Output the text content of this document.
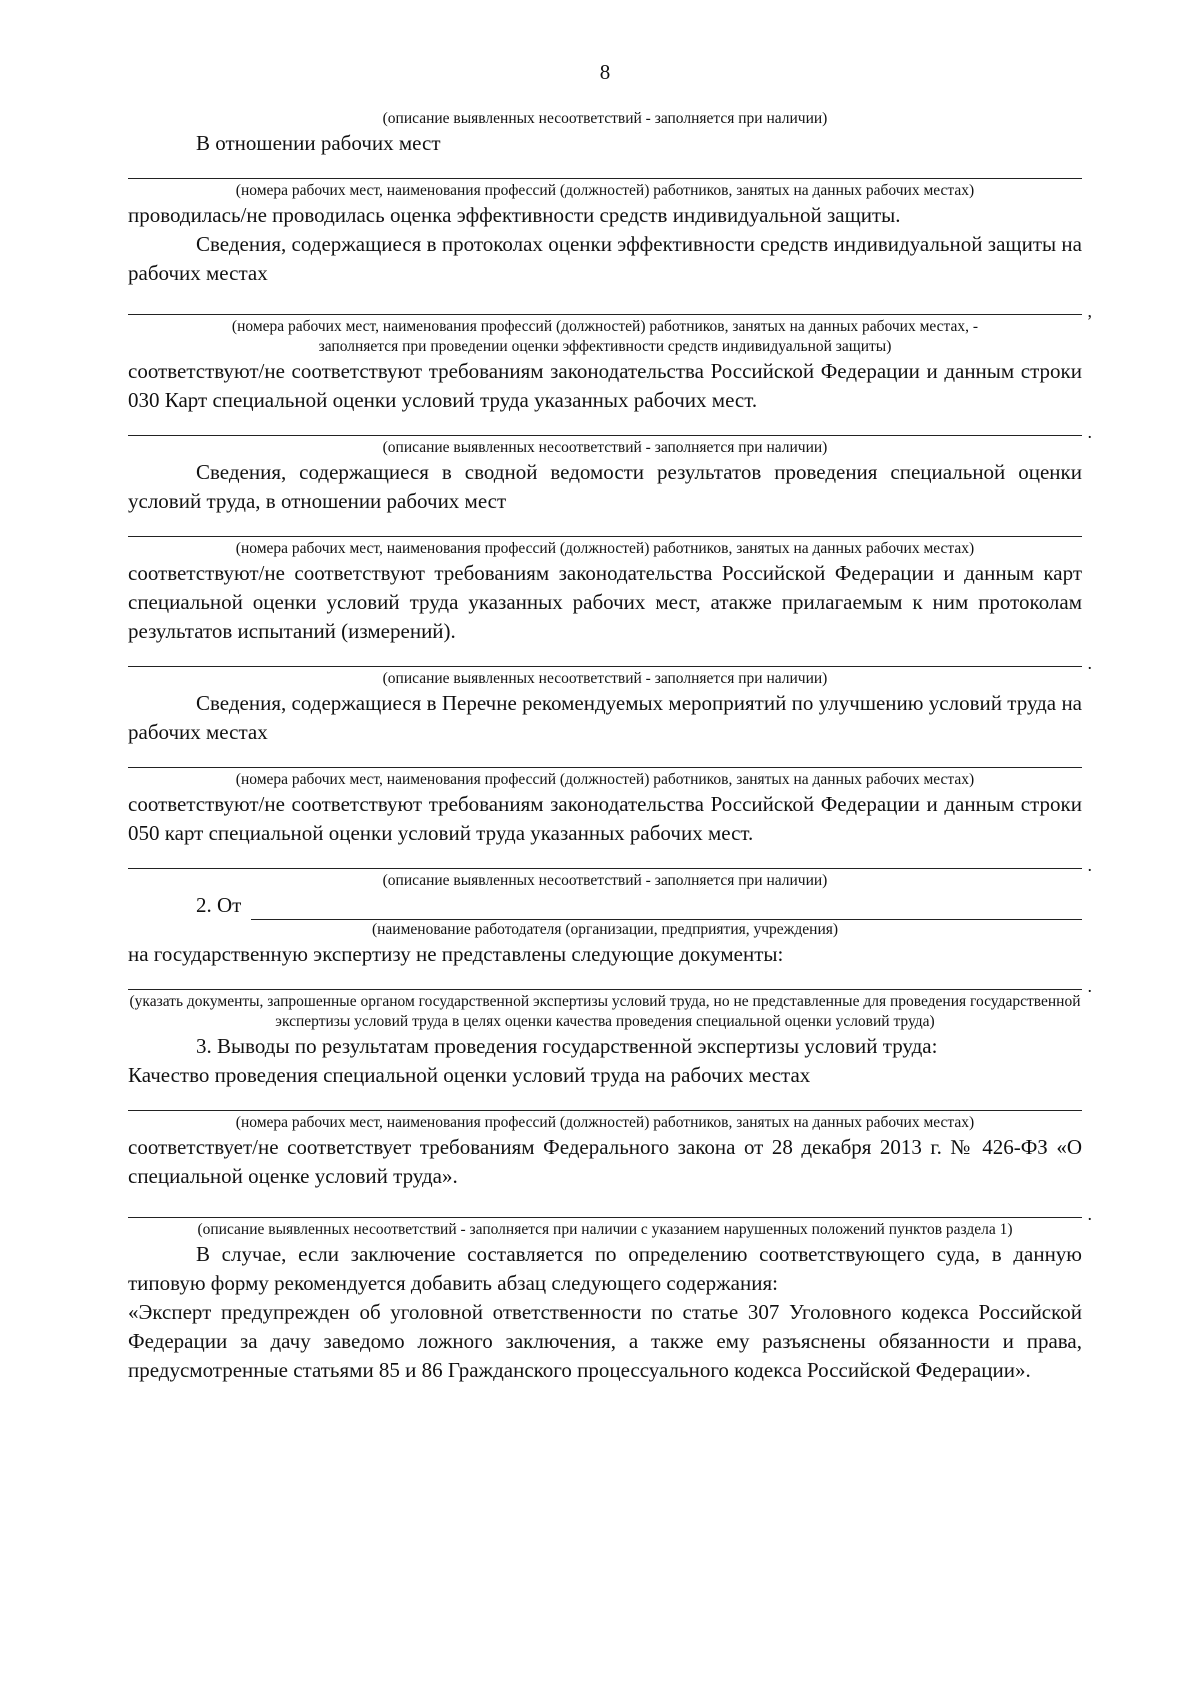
8
(описание выявленных несоответствий - заполняется при наличии)
В отношении рабочих мест
(номера рабочих мест, наименования профессий (должностей) работников, занятых на данных рабочих местах)
проводилась/не проводилась оценка эффективности средств индивидуальной защиты.
Сведения, содержащиеся в протоколах оценки эффективности средств индивидуальной защиты на рабочих местах
,
(номера рабочих мест, наименования профессий (должностей) работников, занятых на данных рабочих местах, -
заполняется при проведении оценки эффективности средств индивидуальной защиты)
соответствуют/не соответствуют требованиям законодательства Российской Федерации и данным строки 030 Карт специальной оценки условий труда указанных рабочих мест.
.
(описание выявленных несоответствий - заполняется при наличии)
Сведения, содержащиеся в сводной ведомости результатов проведения специальной оценки условий труда, в отношении рабочих мест
(номера рабочих мест, наименования профессий (должностей) работников, занятых на данных рабочих местах)
соответствуют/не соответствуют требованиям законодательства Российской Федерации и данным карт специальной оценки условий труда указанных рабочих мест, атакже прилагаемым к ним протоколам результатов испытаний (измерений).
.
(описание выявленных несоответствий - заполняется при наличии)
Сведения, содержащиеся в Перечне рекомендуемых мероприятий по улучшению условий труда на рабочих местах
(номера рабочих мест, наименования профессий (должностей) работников, занятых на данных рабочих местах)
соответствуют/не соответствуют требованиям законодательства Российской Федерации и данным строки 050 карт специальной оценки условий труда указанных рабочих мест.
.
(описание выявленных несоответствий - заполняется при наличии)
2. От
(наименование работодателя (организации, предприятия, учреждения)
на государственную экспертизу не представлены следующие документы:
.
(указать документы, запрошенные органом государственной экспертизы условий труда, но не представленные для проведения государственной экспертизы условий труда в целях оценки качества проведения специальной оценки условий труда)
3. Выводы по результатам проведения государственной экспертизы условий труда:
Качество проведения специальной оценки условий труда на рабочих местах
(номера рабочих мест, наименования профессий (должностей) работников, занятых на данных рабочих местах)
соответствует/не соответствует требованиям Федерального закона от 28 декабря 2013 г. № 426-ФЗ «О специальной оценке условий труда».
.
(описание выявленных несоответствий - заполняется при наличии с указанием нарушенных положений пунктов раздела 1)
В случае, если заключение составляется по определению соответствующего суда, в данную типовую форму рекомендуется добавить абзац следующего содержания:
«Эксперт предупрежден об уголовной ответственности по статье 307 Уголовного кодекса Российской Федерации за дачу заведомо ложного заключения, а также ему разъяснены обязанности и права, предусмотренные статьями 85 и 86 Гражданского процессуального кодекса Российской Федерации».
